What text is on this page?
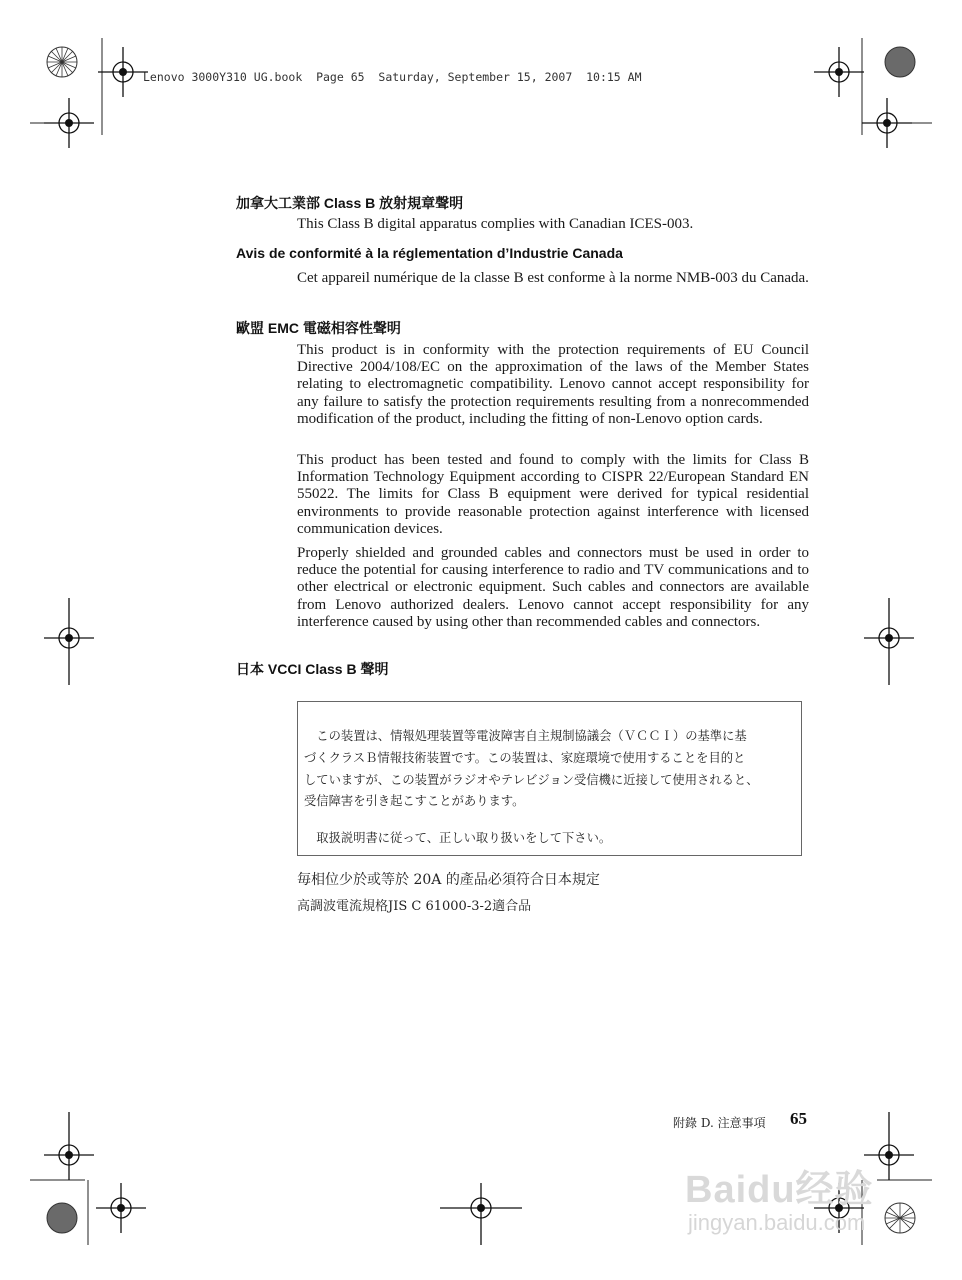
Lenovo 3000Y310 UG.book  Page 65  Saturday, September 15, 2007  10:15 AM
加拿大工業部 Class B 放射規章聲明

This Class B digital apparatus complies with Canadian ICES-003.

Avis de conformité à la réglementation d’Industrie Canada

Cet appareil numérique de la classe B est conforme à la norme NMB-003 du Canada.

歐盟 EMC 電磁相容性聲明

This product is in conformity with the protection requirements of EU Council Directive 2004/108/EC on the approximation of the laws of the Member States relating to electromagnetic compatibility. Lenovo cannot accept responsibility for any failure to satisfy the protection requirements resulting from a nonrecommended modification of the product, including the fitting of non-Lenovo option cards.

This product has been tested and found to comply with the limits for Class B Information Technology Equipment according to CISPR 22/European Standard EN 55022. The limits for Class B equipment were derived for typical residential environments to provide reasonable protection against interference with licensed communication devices.

Properly shielded and grounded cables and connectors must be used in order to reduce the potential for causing interference to radio and TV communications and to other electrical or electronic equipment. Such cables and connectors are available from Lenovo authorized dealers. Lenovo cannot accept responsibility for any interference caused by using other than recommended cables and connectors.

日本 VCCI Class B 聲明
　この装置は、情報処理装置等電波障害自主規制協議会（ＶＣＣＩ）の基準に基
づくクラスＢ情報技術装置です。この装置は、家庭環境で使用することを目的と
していますが、この装置がラジオやテレビジョン受信機に近接して使用されると、
受信障害を引き起こすことがあります。
　取扱説明書に従って、正しい取り扱いをして下さい。
毎相位少於或等於 20A 的產品必須符合日本規定
高調波電流規格JIS C 61000-3-2適合品
附錄 D. 注意事項 65
Baidu经验
jingyan.baidu.com
